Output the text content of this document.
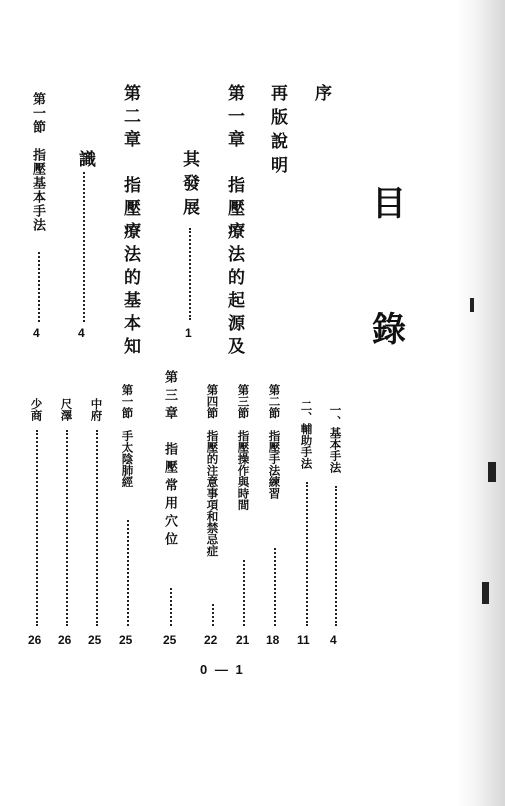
目
錄
序
再版說明
第一章　指壓療法的起源及
其發展
1
第二章　指壓療法的基本知
識
4
第一節　指壓基本手法
4
一、基本手法
4
二、輔助手法
11
第二節　指壓手法練習
18
第三節　指壓操作與時間
21
第四節　指壓的注意事項和禁忌症
22
第三章　指壓常用穴位
25
第一節　手太陰肺經
25
中府
25
尺澤
26
少商
26
0 — 1
